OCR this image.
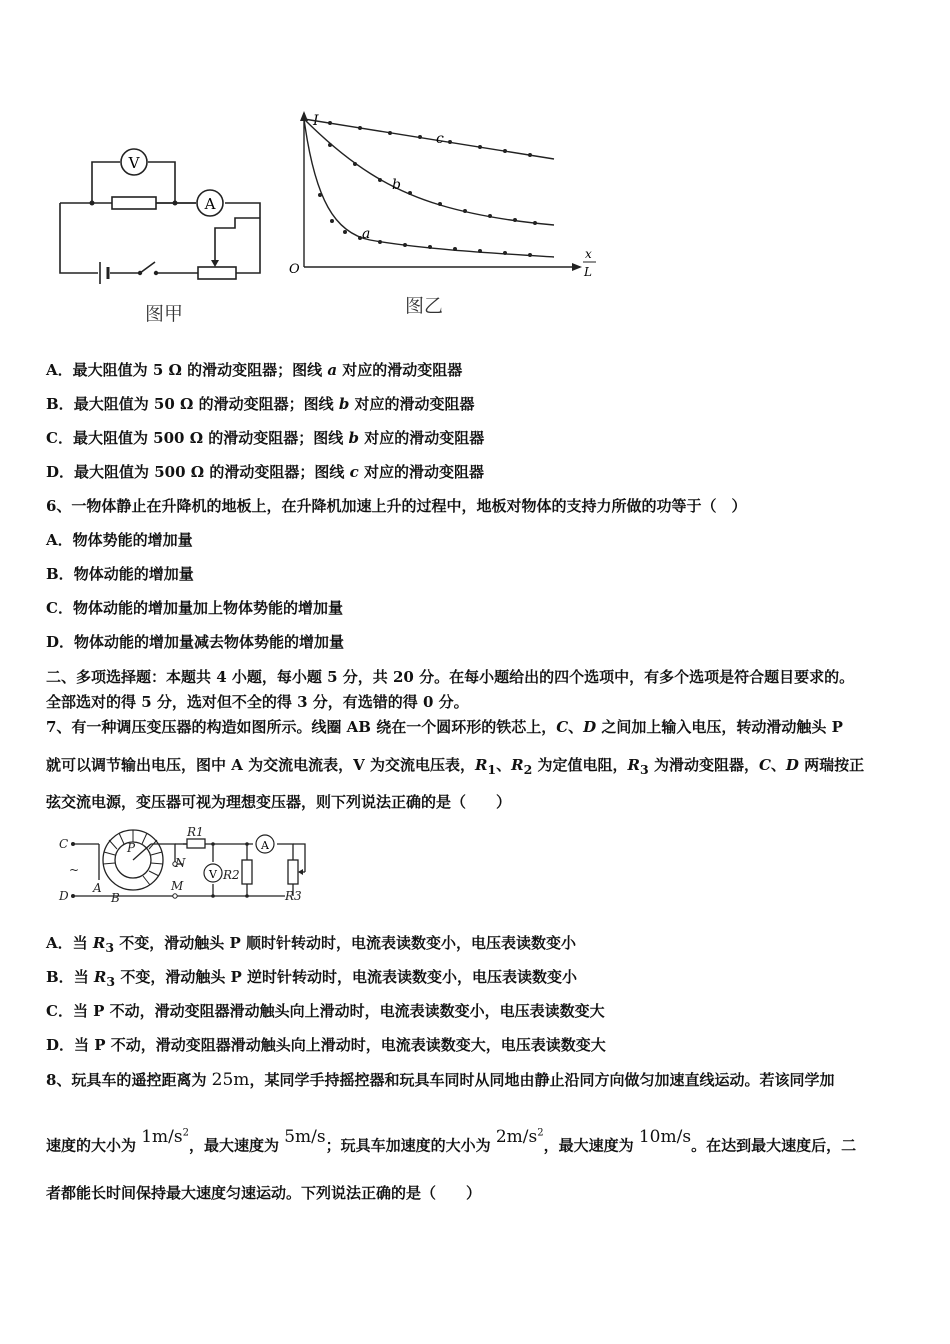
V
A
图甲
I
O
x
L
c
b
a
图乙
A．最大阻值为 5 Ω 的滑动变阻器；图线 a 对应的滑动变阻器
B．最大阻值为 50 Ω 的滑动变阻器；图线 b 对应的滑动变阻器
C．最大阻值为 500 Ω 的滑动变阻器；图线 b 对应的滑动变阻器
D．最大阻值为 500 Ω 的滑动变阻器；图线 c 对应的滑动变阻器
6、一物体静止在升降机的地板上，在升降机加速上升的过程中，地板对物体的支持力所做的功等于（　）
A．物体势能的增加量
B．物体动能的增加量
C．物体动能的增加量加上物体势能的增加量
D．物体动能的增加量减去物体势能的增加量
二、多项选择题：本题共 4 小题，每小题 5 分，共 20 分。在每小题给出的四个选项中，有多个选项是符合题目要求的。
全部选对的得 5 分，选对但不全的得 3 分，有选错的得 0 分。
7、有一种调压变压器的构造如图所示。线圈 AB 绕在一个圆环形的铁芯上，C、D 之间加上输入电压，转动滑动触头 P
就可以调节输出电压，图中 A 为交流电流表，V 为交流电压表，$R_1$、$R_2$ 为定值电阻，$R_3$ 为滑动变阻器，C、D 两瑞按正
弦交流电源，变压器可视为理想变压器，则下列说法正确的是（　　）
V
A
C
D
~
A
B
P
N
M
R1
R2
R3
A．当 $R_3$ 不变，滑动触头 P 顺时针转动时，电流表读数变小，电压表读数变小
B．当 $R_3$ 不变，滑动触头 P 逆时针转动时，电流表读数变小，电压表读数变小
C．当 P 不动，滑动变阻器滑动触头向上滑动时，电流表读数变小，电压表读数变大
D．当 P 不动，滑动变阻器滑动触头向上滑动时，电流表读数变大，电压表读数变大
8、玩具车的遥控距离为 25m，某同学手持摇控器和玩具车同时从同地由静止沿同方向做匀加速直线运动。若该同学加
速度的大小为 $1m/s^2$，最大速度为 5m/s；玩具车加速度的大小为 $2m/s^2$，最大速度为 10m/s。在达到最大速度后，二
者都能长时间保持最大速度匀速运动。下列说法正确的是（　　）
